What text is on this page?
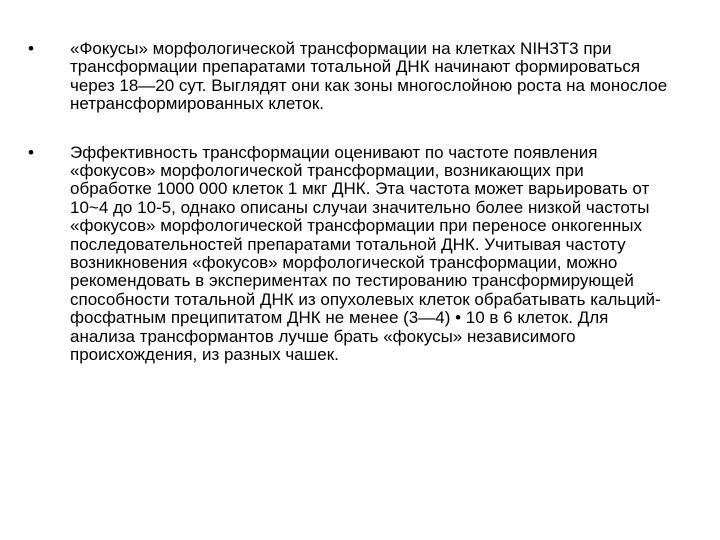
•	«Фокусы» морфологической трансформации на клетках NIH3T3 при трансформации препаратами тотальной ДНК начинают формироваться через 18—20 сут. Выглядят они как зоны многослойною роста на монослое нетрансформированных клеток.
•	Эффективность трансформации оценивают по частоте появления «фокусов» морфологической трансформации, возникающих при обработке 1000 000 клеток 1 мкг ДНК. Эта частота может варьировать от 10~4 до 10-5, однако описаны случаи значительно более низкой частоты «фокусов» морфологической трансформации при переносе онкогенных последовательностей препаратами тотальной ДНК. Учитывая частоту возникновения «фокусов» морфологической трансформации, можно рекомендовать в экспериментах по тестированию трансформирующей способности тотальной ДНК из опухолевых клеток обрабатывать кальций-фосфатным преципитатом ДНК не менее (3—4) • 10 в 6 клеток. Для анализа трансформантов лучше брать «фокусы» независимого происхождения, из разных чашек.
